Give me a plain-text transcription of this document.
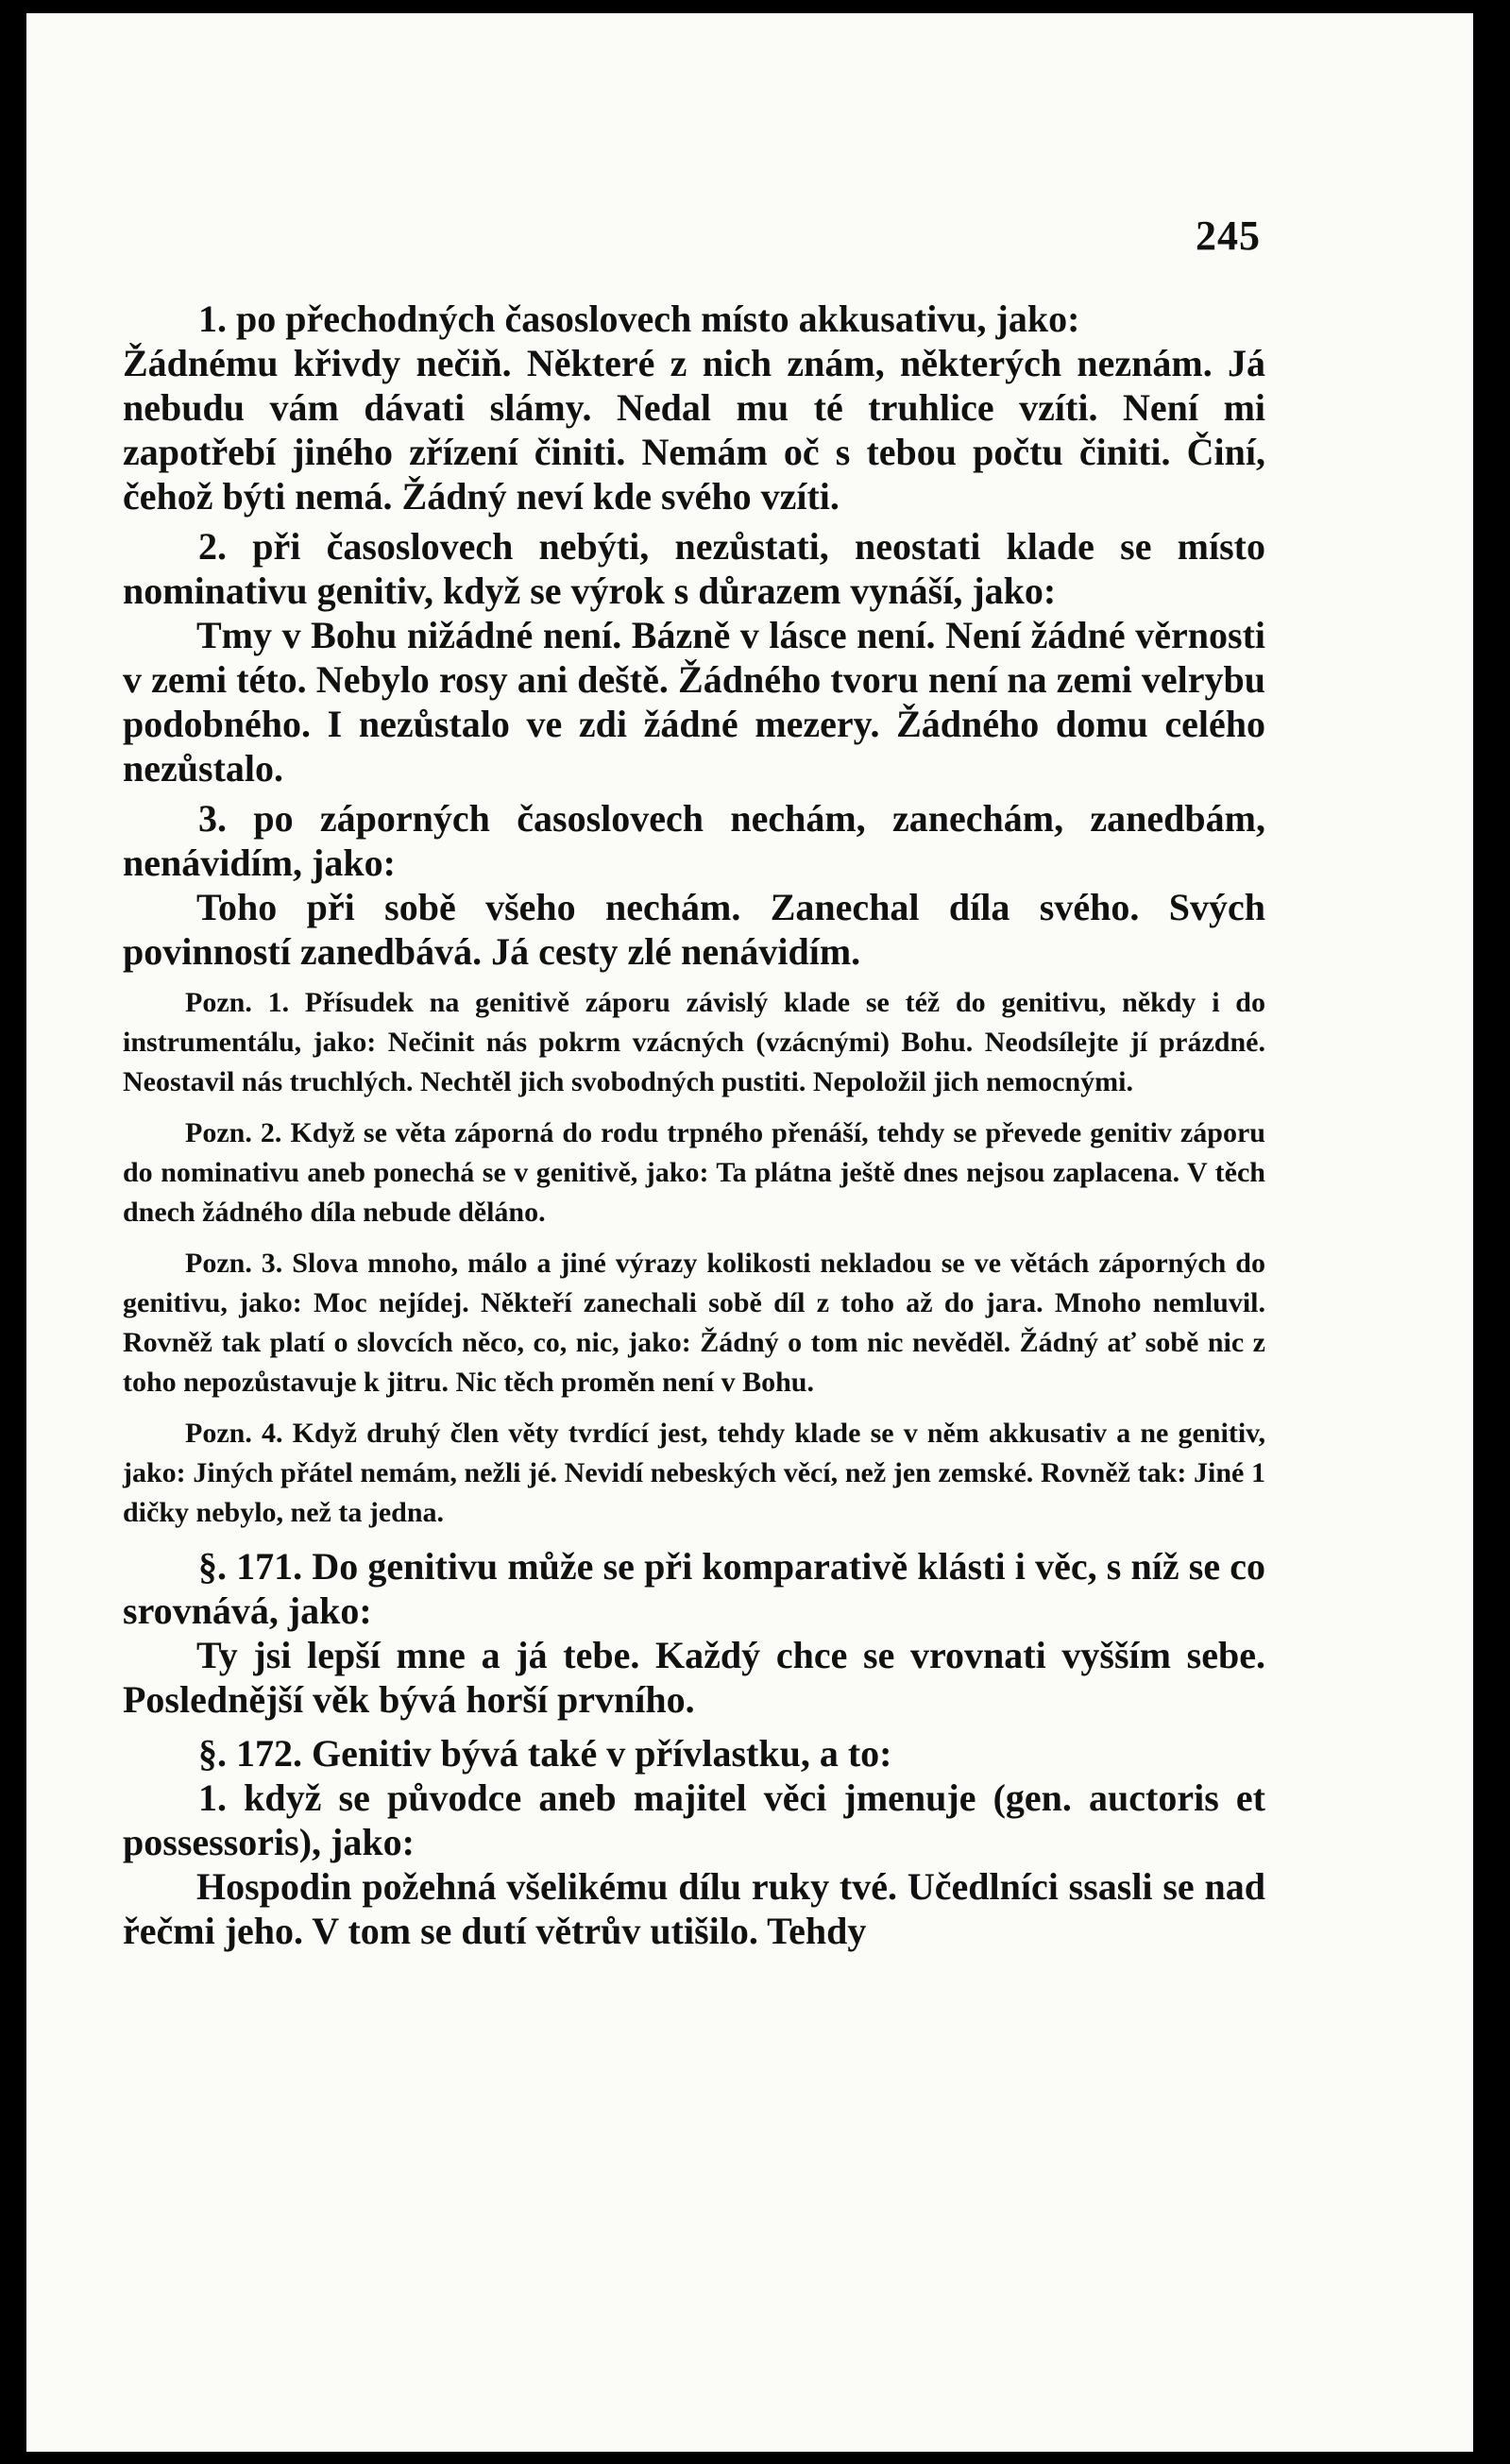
245

1. po přechodných časoslovech místo akkusativu, jako:

Žádnému křivdy nečiň. Některé z nich znám, některých neznám. Já nebudu vám dávati slámy. Nedal mu té truhlice vzíti. Není mi zapotřebí jiného zřízení činiti. Nemám oč s tebou počtu činiti. Činí, čehož býti nemá. Žádný neví kde svého vzíti.

2. při časoslovech nebýti, nezůstati, neostati klade se místo nominativu genitiv, když se výrok s důrazem vynáší, jako:

Tmy v Bohu nižádné není. Bázně v lásce není. Není žádné věrnosti v zemi této. Nebylo rosy ani deště. Žádného tvoru není na zemi velrybu podobného. I nezůstalo ve zdi žádné mezery. Žádného domu celého nezůstalo.

3. po záporných časoslovech nechám, zanechám, zanedbám, nenávidím, jako:

Toho při sobě všeho nechám. Zanechal díla svého. Svých povinností zanedbává. Já cesty zlé nenávidím.

Pozn. 1. Přísudek na genitivě záporu závislý klade se též do genitivu, někdy i do instrumentálu, jako: Nečinit nás pokrm vzácných (vzácnými) Bohu. Neodsílejte jí prázdné. Neostavil nás truchlých. Nechtěl jich svobodných pustiti. Nepoložil jich nemocnými.

Pozn. 2. Když se věta záporná do rodu trpného přenáší, tehdy se převede genitiv záporu do nominativu aneb ponechá se v genitivě, jako: Ta plátna ještě dnes nejsou zaplacena. V těch dnech žádného díla nebude děláno.

Pozn. 3. Slova mnoho, málo a jiné výrazy kolikosti nekladou se ve větách záporných do genitivu, jako: Moc nejídej. Někteří zanechali sobě díl z toho až do jara. Mnoho nemluvil. Rovněž tak platí o slovcích něco, co, nic, jako: Žádný o tom nic nevěděl. Žádný ať sobě nic z toho nepozůstavuje k jitru. Nic těch proměn není v Bohu.

Pozn. 4. Když druhý člen věty tvrdící jest, tehdy klade se v něm akkusativ a ne genitiv, jako: Jiných přátel nemám, nežli jé. Nevidí nebeských věcí, než jen zemské. Rovněž tak: Jiné 1 dičky nebylo, než ta jedna.

§. 171. Do genitivu může se při komparativě klásti i věc, s níž se co srovnává, jako:

Ty jsi lepší mne a já tebe. Každý chce se vrovnati vyšším sebe. Poslednější věk bývá horší prvního.

§. 172. Genitiv bývá také v přívlastku, a to:

1. když se původce aneb majitel věci jmenuje (gen. auctoris et possessoris), jako:

Hospodin požehná všelikému dílu ruky tvé. Učedlníci ssasli se nad řečmi jeho. V tom se dutí větrův utišilo. Tehdy
